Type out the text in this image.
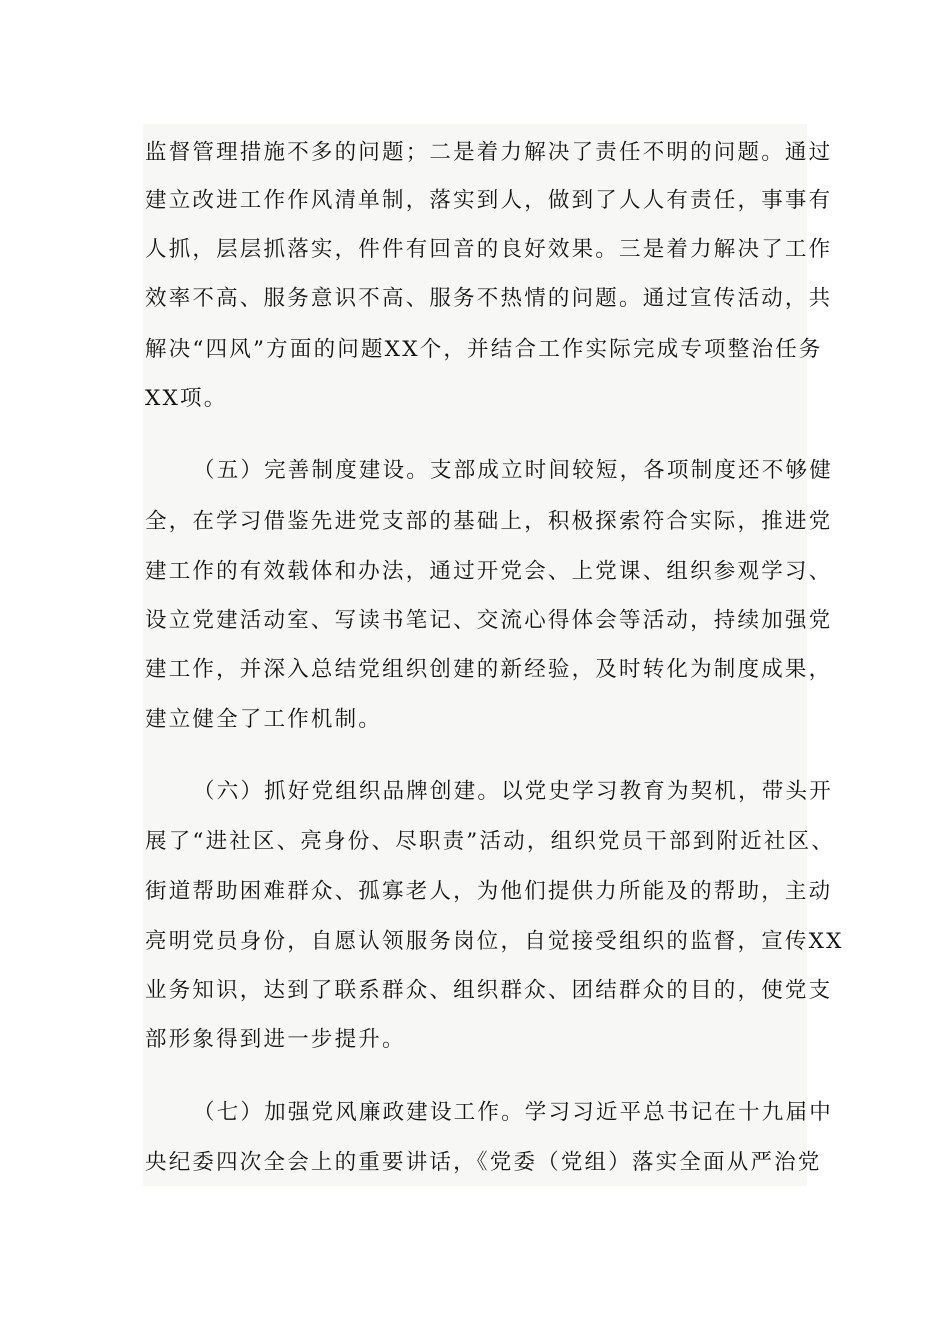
监督管理措施不多的问题；二是着力解决了责任不明的问题。通过
建立改进工作作风清单制，落实到人，做到了人人有责任，事事有
人抓，层层抓落实，件件有回音的良好效果。三是着力解决了工作
效率不高、服务意识不高、服务不热情的问题。通过宣传活动，共
解决“四风”方面的问题XX个，并结合工作实际完成专项整治任务
XX项。
（五）完善制度建设。支部成立时间较短，各项制度还不够健
全，在学习借鉴先进党支部的基础上，积极探索符合实际，推进党
建工作的有效载体和办法，通过开党会、上党课、组织参观学习、
设立党建活动室、写读书笔记、交流心得体会等活动，持续加强党
建工作，并深入总结党组织创建的新经验，及时转化为制度成果，
建立健全了工作机制。
（六）抓好党组织品牌创建。以党史学习教育为契机，带头开
展了“进社区、亮身份、尽职责”活动，组织党员干部到附近社区、
街道帮助困难群众、孤寡老人，为他们提供力所能及的帮助，主动
亮明党员身份，自愿认领服务岗位，自觉接受组织的监督，宣传XX
业务知识，达到了联系群众、组织群众、团结群众的目的，使党支
部形象得到进一步提升。
（七）加强党风廉政建设工作。学习习近平总书记在十九届中
央纪委四次全会上的重要讲话，《党委（党组）落实全面从严治党
